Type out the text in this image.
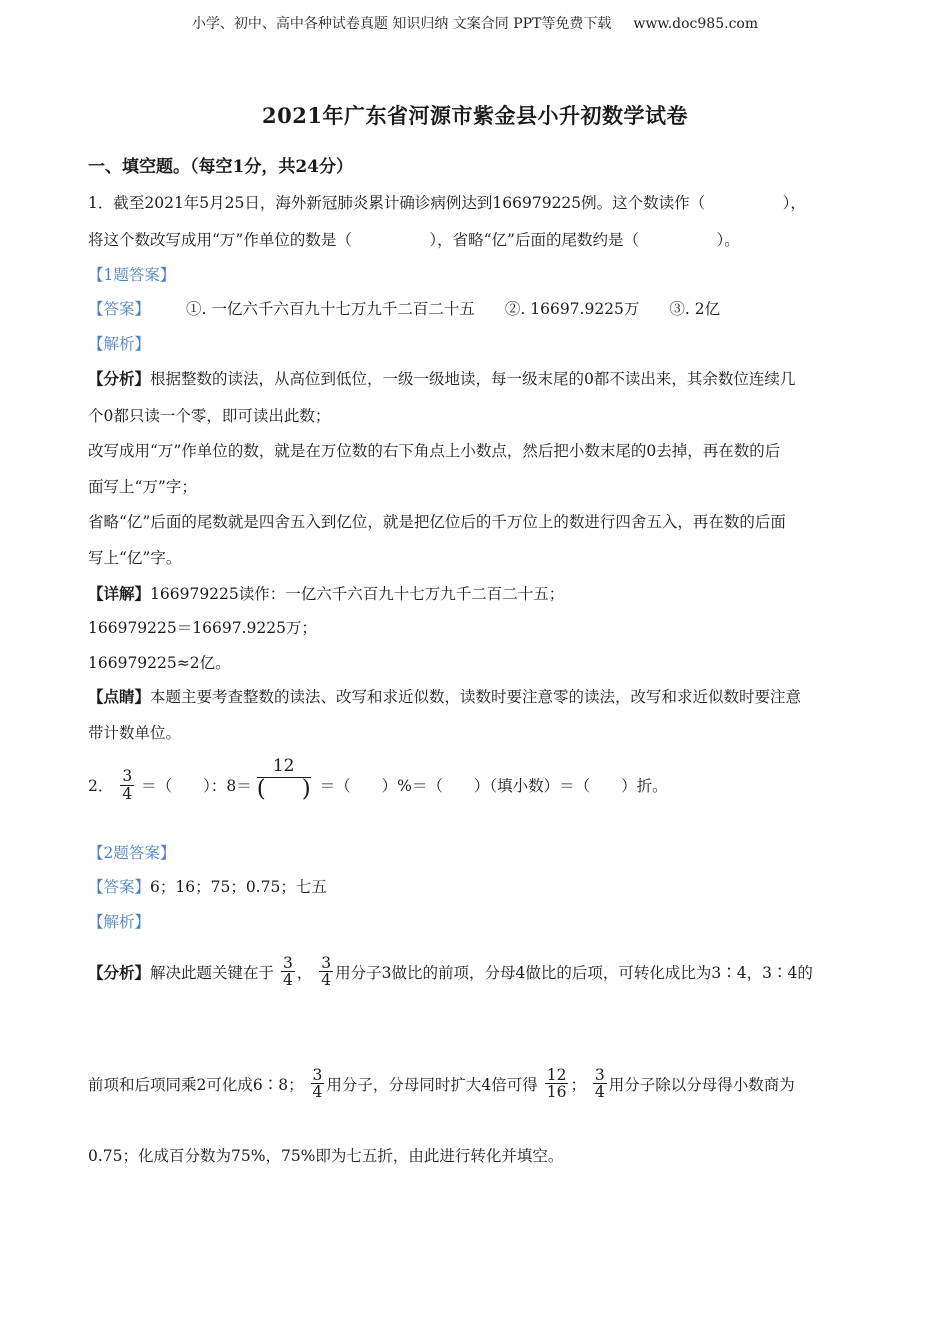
小学、初中、高中各种试卷真题 知识归纳 文案合同 PPT等免费下载 www.doc985.com
2021年广东省河源市紫金县小升初数学试卷
一、填空题。（每空1分，共24分）
1．截至2021年5月25日，海外新冠肺炎累计确诊病例达到166979225例。这个数读作（　　　　　），
将这个数改写成用“万”作单位的数是（　　　　　），省略“亿”后面的尾数约是（　　　　　）。
【1题答案】
【答案】 ①. 一亿六千六百九十七万九千二百二十五 ②. 16697.9225万 ③. 2亿
【解析】
【分析】根据整数的读法，从高位到低位，一级一级地读，每一级末尾的0都不读出来，其余数位连续几
个0都只读一个零，即可读出此数；
改写成用“万”作单位的数，就是在万位数的右下角点上小数点，然后把小数末尾的0去掉，再在数的后
面写上“万”字；
省略“亿”后面的尾数就是四舍五入到亿位，就是把亿位后的千万位上的数进行四舍五入，再在数的后面
写上“亿”字。
【详解】166979225读作：一亿六千六百九十七万九千二百二十五；
166979225＝16697.9225万；
166979225≈2亿。
【点睛】本题主要考查整数的读法、改写和求近似数，读数时要注意零的读法，改写和求近似数时要注意
带计数单位。
2． $\frac{3}{4}$ ＝（　　）：8＝
12
( ) ＝（　　）%＝（　　）（填小数）＝（　　）折。
【2题答案】
【答案】6；16；75；0.75；七五
【解析】
【分析】解决此题关键在于 $\frac{3}{4}$ ， $\frac{3}{4}$ 用分子3做比的前项，分母4做比的后项，可转化成比为3∶4，3∶4的
前项和后项同乘2可化成6∶8； $\frac{3}{4}$ 用分子，分母同时扩大4倍可得 $\frac{12}{16}$ ； $\frac{3}{4}$ 用分子除以分母得小数商为
0.75；化成百分数为75%，75%即为七五折，由此进行转化并填空。
